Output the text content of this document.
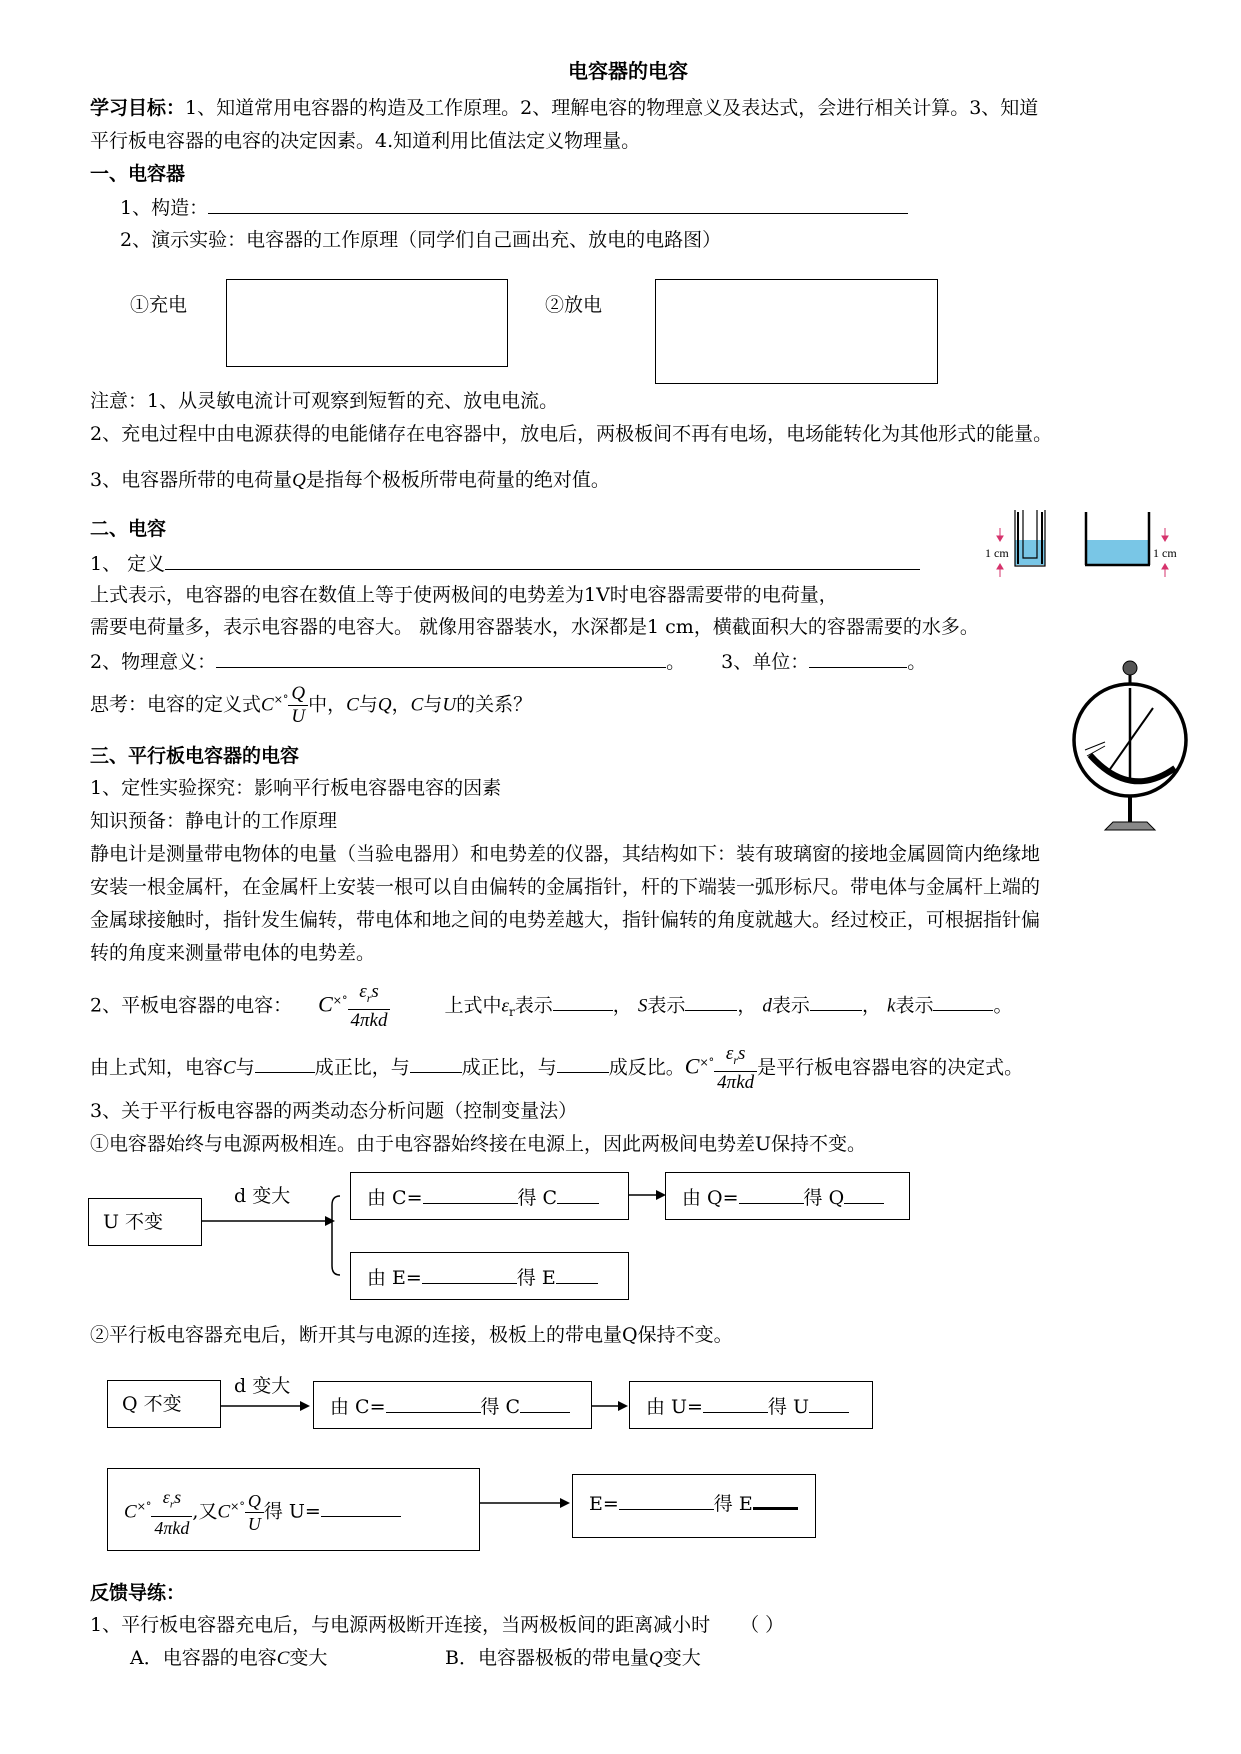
电容器的电容
学习目标：1、知道常用电容器的构造及工作原理。2、理解电容的物理意义及表达式，会进行相关计算。3、知道
平行板电容器的电容的决定因素。4.知道利用比值法定义物理量。
一、电容器
1、构造：
2、演示实验：电容器的工作原理（同学们自己画出充、放电的电路图）
①充电	②放电
注意：1、从灵敏电流计可观察到短暂的充、放电电流。
2、充电过程中由电源获得的电能储存在电容器中，放电后，两极板间不再有电场，电场能转化为其他形式的能量。
3、电容器所带的电荷量Q是指每个极板所带电荷量的绝对值。
二、电容
1、 定义
上式表示，电容器的电容在数值上等于使两极间的电势差为1V时电容器需要带的电荷量，
需要电荷量多，表示电容器的电容大。 就像用容器装水，水深都是1 cm，横截面积大的容器需要的水多。
2、物理意义：	。 3、单位：	。
思考：电容的定义式$C^{\times^\circ} \frac{Q}{U}$ 中，C与Q，C与U的关系？
1 cm	1 cm
三、平行板电容器的电容
1、定性实验探究：影响平行板电容器电容的因素
知识预备：静电计的工作原理
静电计是测量带电物体的电量（当验电器用）和电势差的仪器，其结构如下：装有玻璃窗的接地金属圆筒内绝缘地
安装一根金属杆，在金属杆上安装一根可以自由偏转的金属指针，杆的下端装一弧形标尺。带电体与金属杆上端的
金属球接触时，指针发生偏转，带电体和地之间的电势差越大，指针偏转的角度就越大。经过校正，可根据指针偏
转的角度来测量带电体的电势差。
2、平板电容器的电容： $C^{\times^\circ} \frac{\varepsilon_rs}{\text{4πkd}}$	上式中$\varepsilon_r$表示	， S表示	， d表示	， k表示	。
由上式知，电容C与	成正比，与	成正比，与	成反比。$C^{\times^\circ} \frac{\varepsilon_rs}{\text{4πkd}}$ 是平行板电容器电容的决定式。
3、关于平行板电容器的两类动态分析问题（控制变量法）
①电容器始终与电源两极相连。由于电容器始终接在电源上，因此两极间电势差U保持不变。
U 不变
d 变大	由 C=	得 C	由 Q=	得 Q
由 E=	得 E
②平行板电容器充电后，断开其与电源的连接，极板上的带电量Q保持不变。
Q 不变
d 变大
由 C=	得 C	由 U=	得 U
$C^{\times^\circ} \frac{\varepsilon_rs}{\text{4πkd}}$ ,又$C^{\times^\circ} \frac{Q}{U}$ 得 U=	E=	得 E
反馈导练：
1、平行板电容器充电后，与电源两极断开连接，当两极板间的距离减小时 （ ）
A．电容器的电容C变大	B．电容器极板的带电量Q变大
